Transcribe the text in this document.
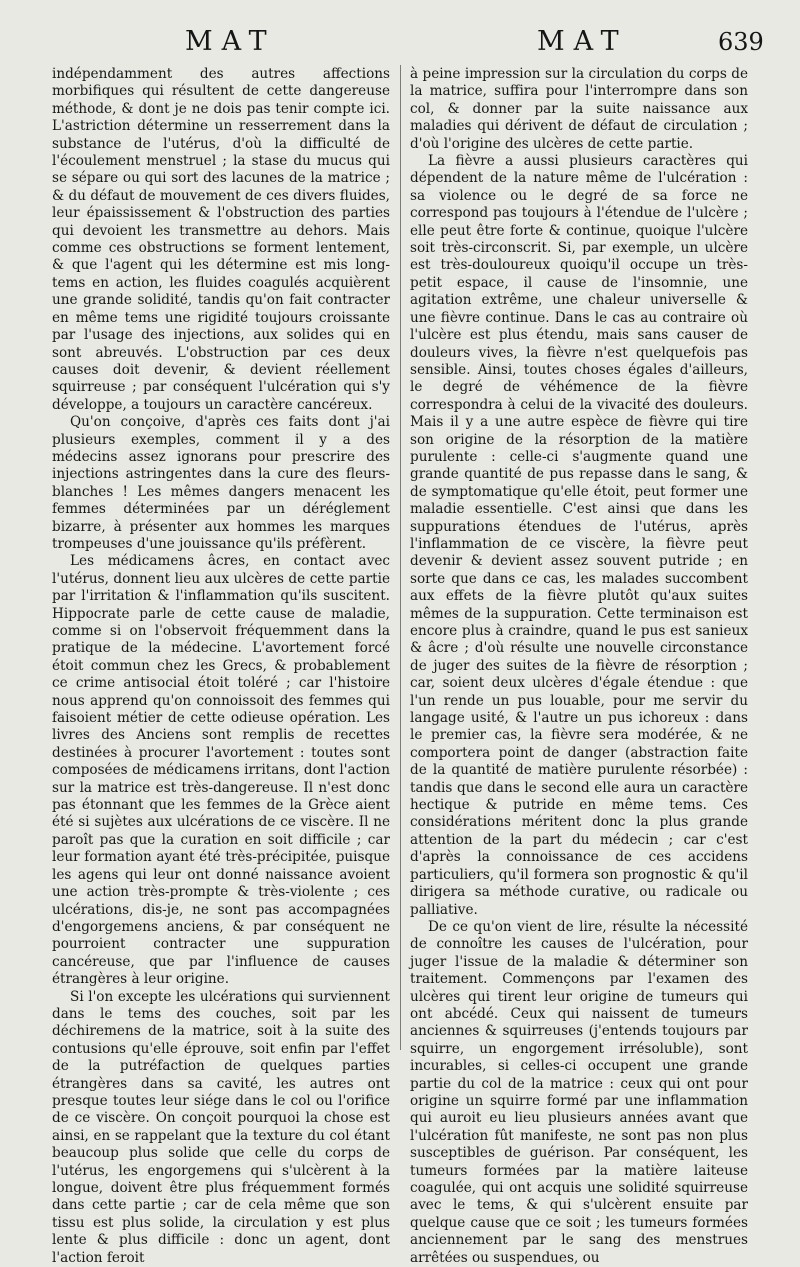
MAT	MAT	639

indépendamment des autres affections morbifiques qui résultent de cette dangereuse méthode, & dont je ne dois pas tenir compte ici. L'astriction détermine un resserrement dans la substance de l'utérus, d'où la difficulté de l'écoulement menstruel ; la stase du mucus qui se sépare ou qui sort des lacunes de la matrice ; & du défaut de mouvement de ces divers fluides, leur épaississement & l'obstruction des parties qui devoient les transmettre au dehors. Mais comme ces obstructions se forment lentement, & que l'agent qui les détermine est mis long-tems en action, les fluides coagulés acquièrent une grande solidité, tandis qu'on fait contracter en même tems une rigidité toujours croissante par l'usage des injections, aux solides qui en sont abreuvés. L'obstruction par ces deux causes doit devenir, & devient réellement squirreuse ; par conséquent l'ulcération qui s'y développe, a toujours un caractère cancéreux.

Qu'on conçoive, d'après ces faits dont j'ai plusieurs exemples, comment il y a des médecins assez ignorans pour prescrire des injections astringentes dans la cure des fleurs-blanches ! Les mêmes dangers menacent les femmes déterminées par un déréglement bizarre, à présenter aux hommes les marques trompeuses d'une jouissance qu'ils préfèrent.

Les médicamens âcres, en contact avec l'utérus, donnent lieu aux ulcères de cette partie par l'irritation & l'inflammation qu'ils suscitent. Hippocrate parle de cette cause de maladie, comme si on l'observoit fréquemment dans la pratique de la médecine. L'avortement forcé étoit commun chez les Grecs, & probablement ce crime antisocial étoit toléré ; car l'histoire nous apprend qu'on connoissoit des femmes qui faisoient métier de cette odieuse opération. Les livres des Anciens sont remplis de recettes destinées à procurer l'avortement : toutes sont composées de médicamens irritans, dont l'action sur la matrice est très-dangereuse. Il n'est donc pas étonnant que les femmes de la Grèce aient été si sujètes aux ulcérations de ce viscère. Il ne paroît pas que la curation en soit difficile ; car leur formation ayant été très-précipitée, puisque les agens qui leur ont donné naissance avoient une action très-prompte & très-violente ; ces ulcérations, dis-je, ne sont pas accompagnées d'engorgemens anciens, & par conséquent ne pourroient contracter une suppuration cancéreuse, que par l'influence de causes étrangères à leur origine.

Si l'on excepte les ulcérations qui surviennent dans le tems des couches, soit par les déchiremens de la matrice, soit à la suite des contusions qu'elle éprouve, soit enfin par l'effet de la putréfaction de quelques parties étrangères dans sa cavité, les autres ont presque toutes leur siége dans le col ou l'orifice de ce viscère. On conçoit pourquoi la chose est ainsi, en se rappelant que la texture du col étant beaucoup plus solide que celle du corps de l'utérus, les engorgemens qui s'ulcèrent à la longue, doivent être plus fréquemment formés dans cette partie ; car de cela même que son tissu est plus solide, la circulation y est plus lente & plus difficile : donc un agent, dont l'action feroit

à peine impression sur la circulation du corps de la matrice, suffira pour l'interrompre dans son col, & donner par la suite naissance aux maladies qui dérivent de défaut de circulation ; d'où l'origine des ulcères de cette partie.

La fièvre a aussi plusieurs caractères qui dépendent de la nature même de l'ulcération : sa violence ou le degré de sa force ne correspond pas toujours à l'étendue de l'ulcère ; elle peut être forte & continue, quoique l'ulcère soit très-circonscrit. Si, par exemple, un ulcère est très-douloureux quoiqu'il occupe un très-petit espace, il cause de l'insomnie, une agitation extrême, une chaleur universelle & une fièvre continue. Dans le cas au contraire où l'ulcère est plus étendu, mais sans causer de douleurs vives, la fièvre n'est quelquefois pas sensible. Ainsi, toutes choses égales d'ailleurs, le degré de véhémence de la fièvre correspondra à celui de la vivacité des douleurs. Mais il y a une autre espèce de fièvre qui tire son origine de la résorption de la matière purulente : celle-ci s'augmente quand une grande quantité de pus repasse dans le sang, & de symptomatique qu'elle étoit, peut former une maladie essentielle. C'est ainsi que dans les suppurations étendues de l'utérus, après l'inflammation de ce viscère, la fièvre peut devenir & devient assez souvent putride ; en sorte que dans ce cas, les malades succombent aux effets de la fièvre plutôt qu'aux suites mêmes de la suppuration. Cette terminaison est encore plus à craindre, quand le pus est sanieux & âcre ; d'où résulte une nouvelle circonstance de juger des suites de la fièvre de résorption ; car, soient deux ulcères d'égale étendue : que l'un rende un pus louable, pour me servir du langage usité, & l'autre un pus ichoreux : dans le premier cas, la fièvre sera modérée, & ne comportera point de danger (abstraction faite de la quantité de matière purulente résorbée) : tandis que dans le second elle aura un caractère hectique & putride en même tems. Ces considérations méritent donc la plus grande attention de la part du médecin ; car c'est d'après la connoissance de ces accidens particuliers, qu'il formera son prognostic & qu'il dirigera sa méthode curative, ou radicale ou palliative.

De ce qu'on vient de lire, résulte la nécessité de connoître les causes de l'ulcération, pour juger l'issue de la maladie & déterminer son traitement. Commençons par l'examen des ulcères qui tirent leur origine de tumeurs qui ont abcédé. Ceux qui naissent de tumeurs anciennes & squirreuses (j'entends toujours par squirre, un engorgement irrésoluble), sont incurables, si celles-ci occupent une grande partie du col de la matrice : ceux qui ont pour origine un squirre formé par une inflammation qui auroit eu lieu plusieurs années avant que l'ulcération fût manifeste, ne sont pas non plus susceptibles de guérison. Par conséquent, les tumeurs formées par la matière laiteuse coagulée, qui ont acquis une solidité squirreuse avec le tems, & qui s'ulcèrent ensuite par quelque cause que ce soit ; les tumeurs formées anciennement par le sang des menstrues arrêtées ou suspendues, ou
